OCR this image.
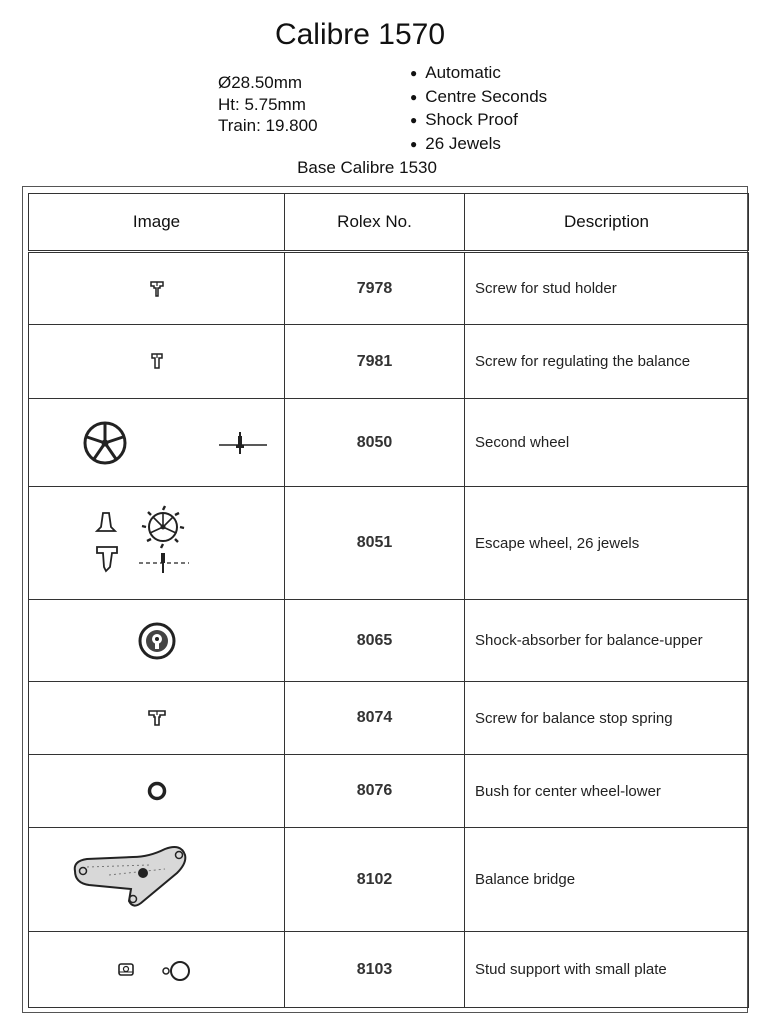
Calibre 1570
Ø28.50mm
Ht: 5.75mm
Train: 19.800
● Automatic
● Centre Seconds
● Shock Proof
● 26 Jewels
Base Calibre 1530
Image	Rolex No.	Description

	7978	Screw for stud holder

	7981	Screw for regulating the balance

	8050	Second wheel

	8051	Escape wheel, 26 jewels

	8065	Shock-absorber for balance-upper

	8074	Screw for balance stop spring

	8076	Bush for center wheel-lower

	8102	Balance bridge

	8103	Stud support with small plate
